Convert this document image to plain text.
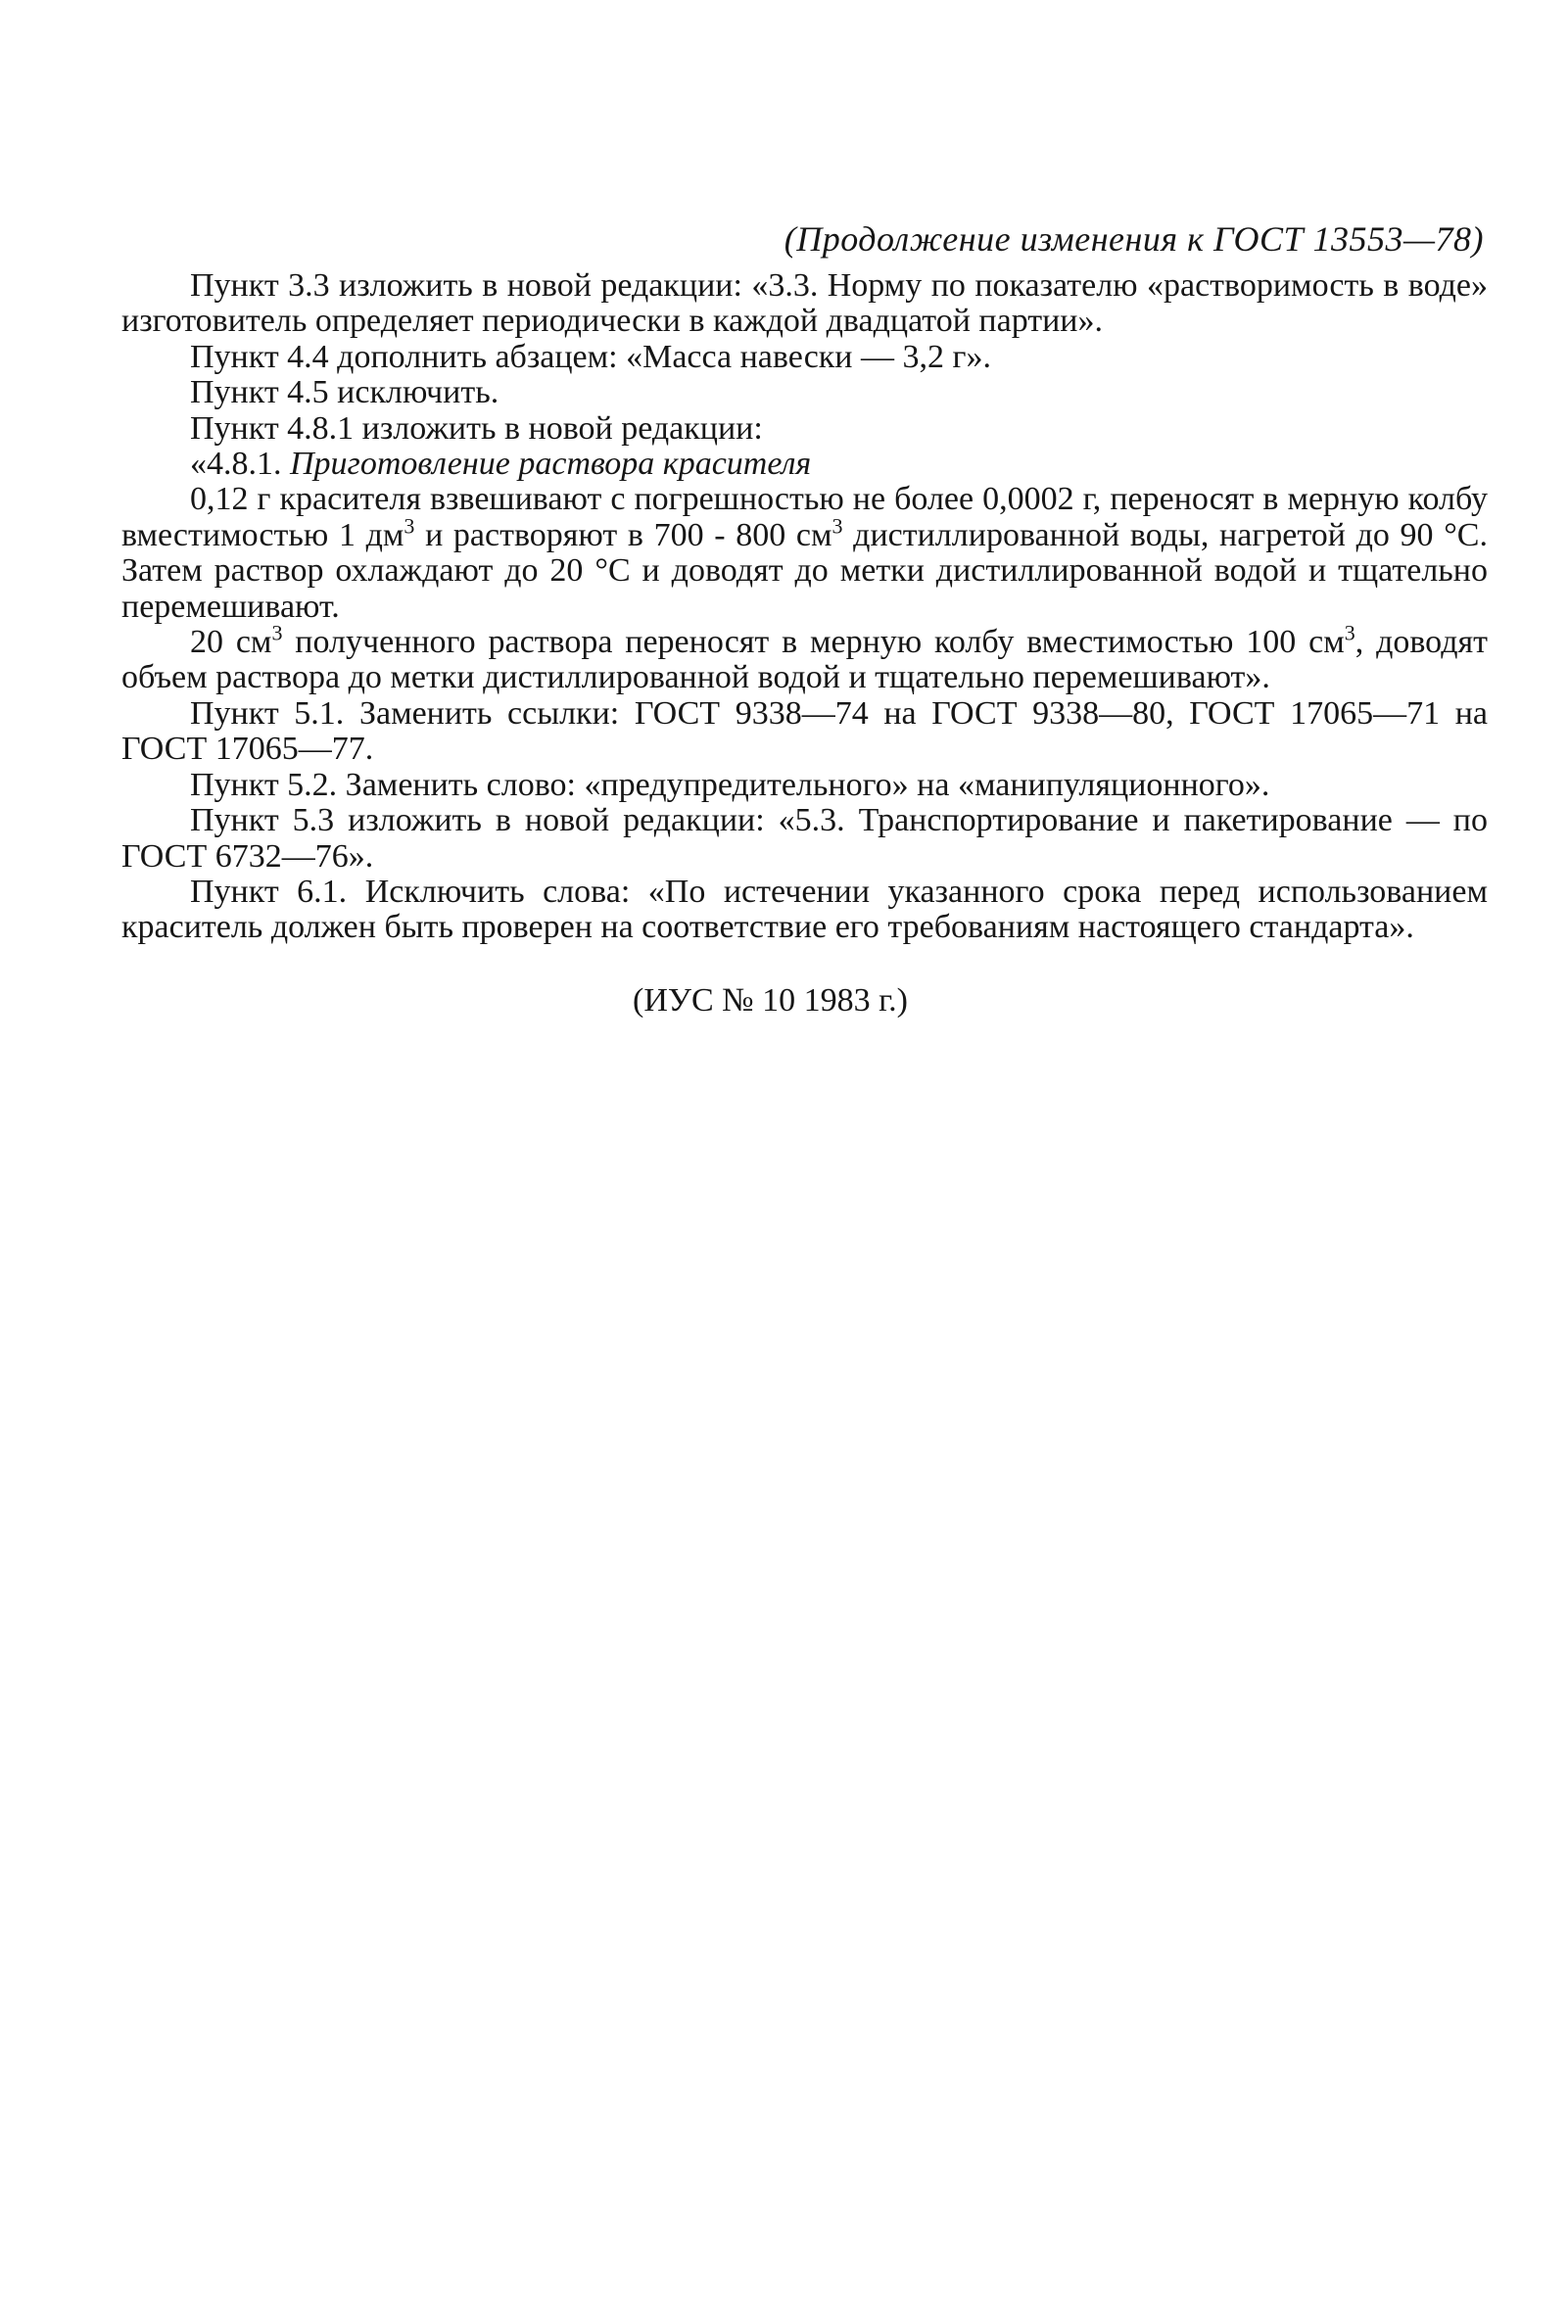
(Продолжение изменения к ГОСТ 13553—78)

Пункт 3.3 изложить в новой редакции: «3.3. Норму по показателю «растворимость в воде» изготовитель определяет периодически в каждой двадцатой партии».

Пункт 4.4 дополнить абзацем: «Масса навески — 3,2 г».

Пункт 4.5 исключить.

Пункт 4.8.1 изложить в новой редакции:

«4.8.1. Приготовление раствора красителя

0,12 г красителя взвешивают с погрешностью не более 0,0002 г, переносят в мерную колбу вместимостью 1 $дм^3$ и растворяют в 700 - 800 $см^3$ дистиллированной воды, нагретой до 90 °С. Затем раствор охлаждают до 20 °С и доводят до метки дистиллированной водой и тщательно перемешивают.

20 $см^3$ полученного раствора переносят в мерную колбу вместимостью 100 $см^3$, доводят объем раствора до метки дистиллированной водой и тщательно перемешивают».

Пункт 5.1. Заменить ссылки: ГОСТ 9338—74 на ГОСТ 9338—80, ГОСТ 17065—71 на ГОСТ 17065—77.

Пункт 5.2. Заменить слово: «предупредительного» на «манипуляционного».

Пункт 5.3 изложить в новой редакции: «5.3. Транспортирование и пакетирование — по ГОСТ 6732—76».

Пункт 6.1. Исключить слова: «По истечении указанного срока перед использованием краситель должен быть проверен на соответствие его требованиям настоящего стандарта».

(ИУС № 10 1983 г.)
